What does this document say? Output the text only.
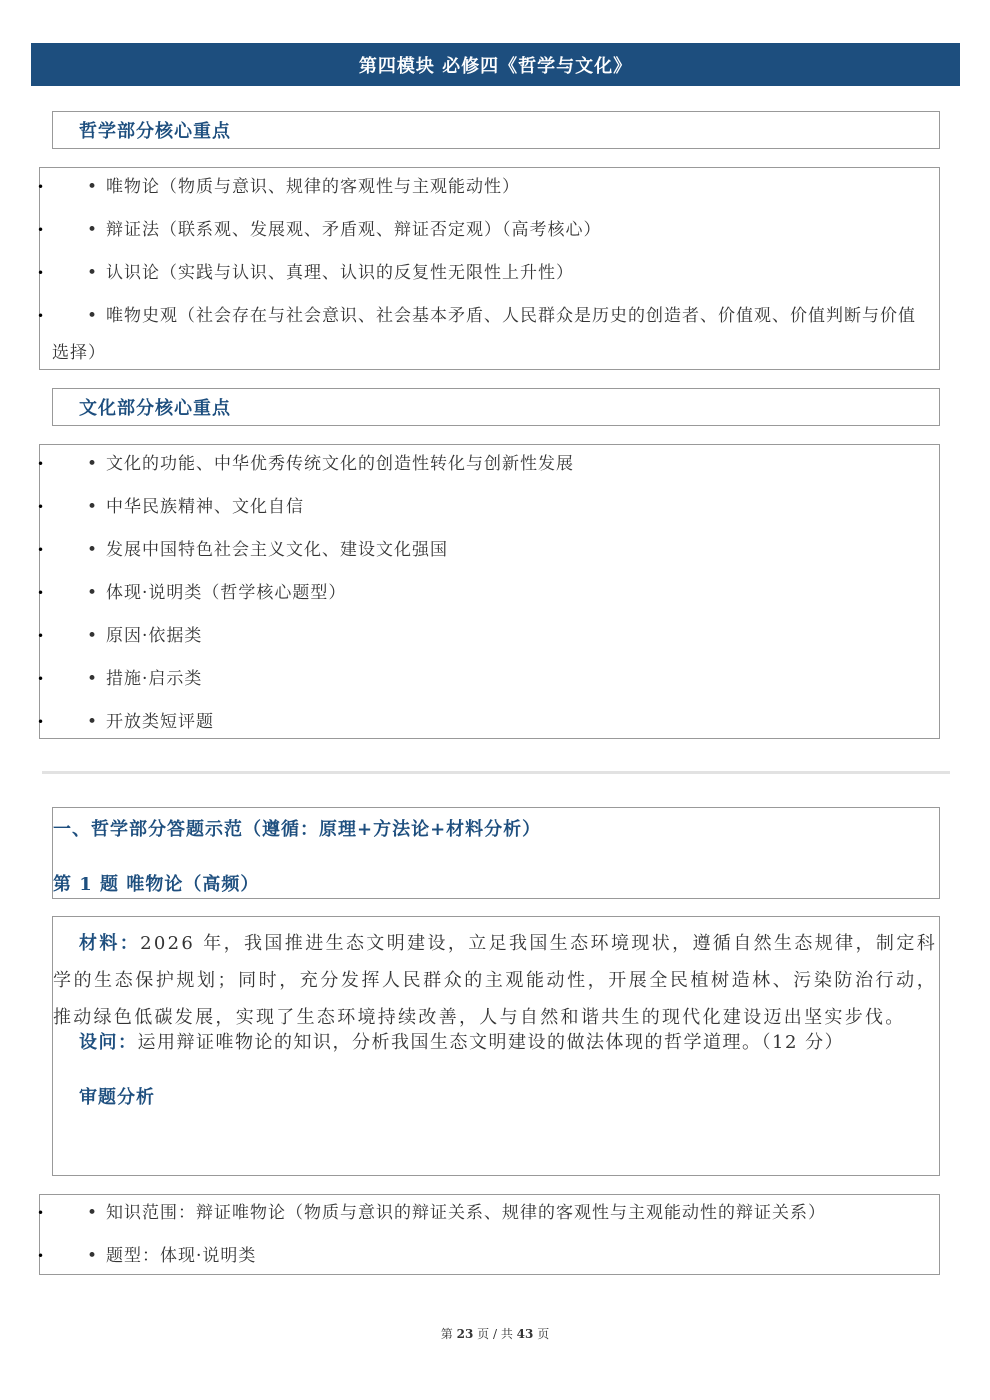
第四模块 必修四《哲学与文化》
哲学部分核心重点
• • 唯物论（物质与意识、规律的客观性与主观能动性）
• • 辩证法（联系观、发展观、矛盾观、辩证否定观）（高考核心）
• • 认识论（实践与认识、真理、认识的反复性无限性上升性）
• • 唯物史观（社会存在与社会意识、社会基本矛盾、人民群众是历史的创造者、价值观、价值判断与价值选择）
文化部分核心重点
• • 文化的功能、中华优秀传统文化的创造性转化与创新性发展
• • 中华民族精神、文化自信
• • 发展中国特色社会主义文化、建设文化强国
• • 体现·说明类（哲学核心题型）
• • 原因·依据类
• • 措施·启示类
• • 开放类短评题
一、哲学部分答题示范（遵循：原理+方法论+材料分析）
第 1 题 唯物论（高频）
材料：2026 年，我国推进生态文明建设，立足我国生态环境现状，遵循自然生态规律，制定科学的生态保护规划；同时，充分发挥人民群众的主观能动性，开展全民植树造林、污染防治行动，推动绿色低碳发展，实现了生态环境持续改善，人与自然和谐共生的现代化建设迈出坚实步伐。
设问：运用辩证唯物论的知识，分析我国生态文明建设的做法体现的哲学道理。（12 分）
审题分析
• • 知识范围：辩证唯物论（物质与意识的辩证关系、规律的客观性与主观能动性的辩证关系）
• • 题型：体现·说明类
第 23 页 / 共 43 页
